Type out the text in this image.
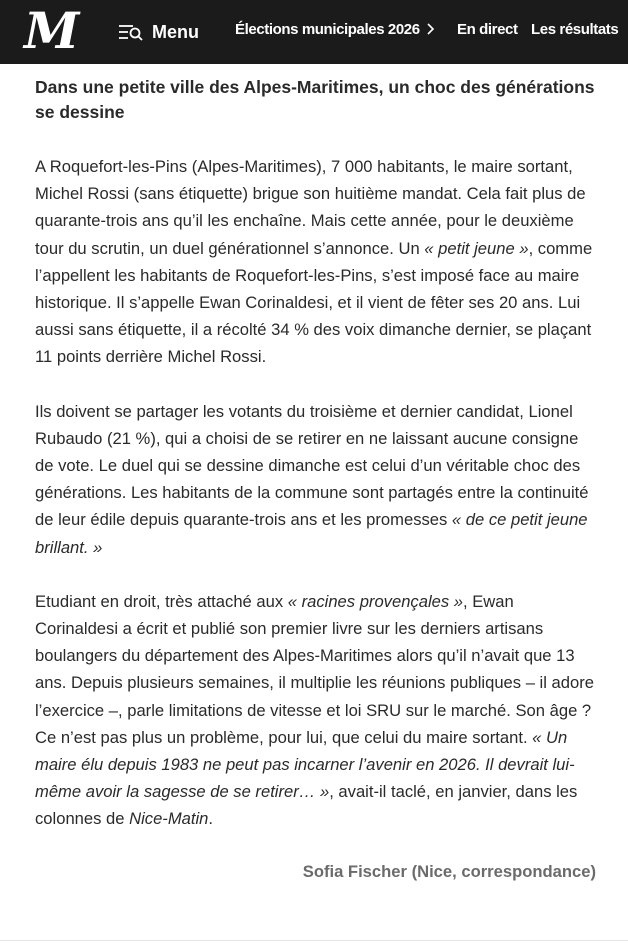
M	Menu Élections municipales 2026 En direct Les résultats
Dans une petite ville des Alpes-Maritimes, un choc des générations se dessine

A Roquefort-les-Pins (Alpes-Maritimes), 7 000 habitants, le maire sortant, Michel Rossi (sans étiquette) brigue son huitième mandat. Cela fait plus de quarante-trois ans qu’il les enchaîne. Mais cette année, pour le deuxième tour du scrutin, un duel générationnel s’annonce. Un « petit jeune », comme l’appellent les habitants de Roquefort-les-Pins, s’est imposé face au maire historique. Il s’appelle Ewan Corinaldesi, et il vient de fêter ses 20 ans. Lui aussi sans étiquette, il a récolté 34 % des voix dimanche dernier, se plaçant 11 points derrière Michel Rossi.

Ils doivent se partager les votants du troisième et dernier candidat, Lionel Rubaudo (21 %), qui a choisi de se retirer en ne laissant aucune consigne de vote. Le duel qui se dessine dimanche est celui d’un véritable choc des générations. Les habitants de la commune sont partagés entre la continuité de leur édile depuis quarante-trois ans et les promesses « de ce petit jeune brillant. »

Etudiant en droit, très attaché aux « racines provençales », Ewan Corinaldesi a écrit et publié son premier livre sur les derniers artisans boulangers du département des Alpes-Maritimes alors qu’il n’avait que 13 ans. Depuis plusieurs semaines, il multiplie les réunions publiques – il adore l’exercice –, parle limitations de vitesse et loi SRU sur le marché. Son âge ? Ce n’est pas plus un problème, pour lui, que celui du maire sortant. « Un maire élu depuis 1983 ne peut pas incarner l’avenir en 2026. Il devrait lui-même avoir la sagesse de se retirer… », avait-il taclé, en janvier, dans les colonnes de Nice-Matin.

Sofia Fischer (Nice, correspondance)
